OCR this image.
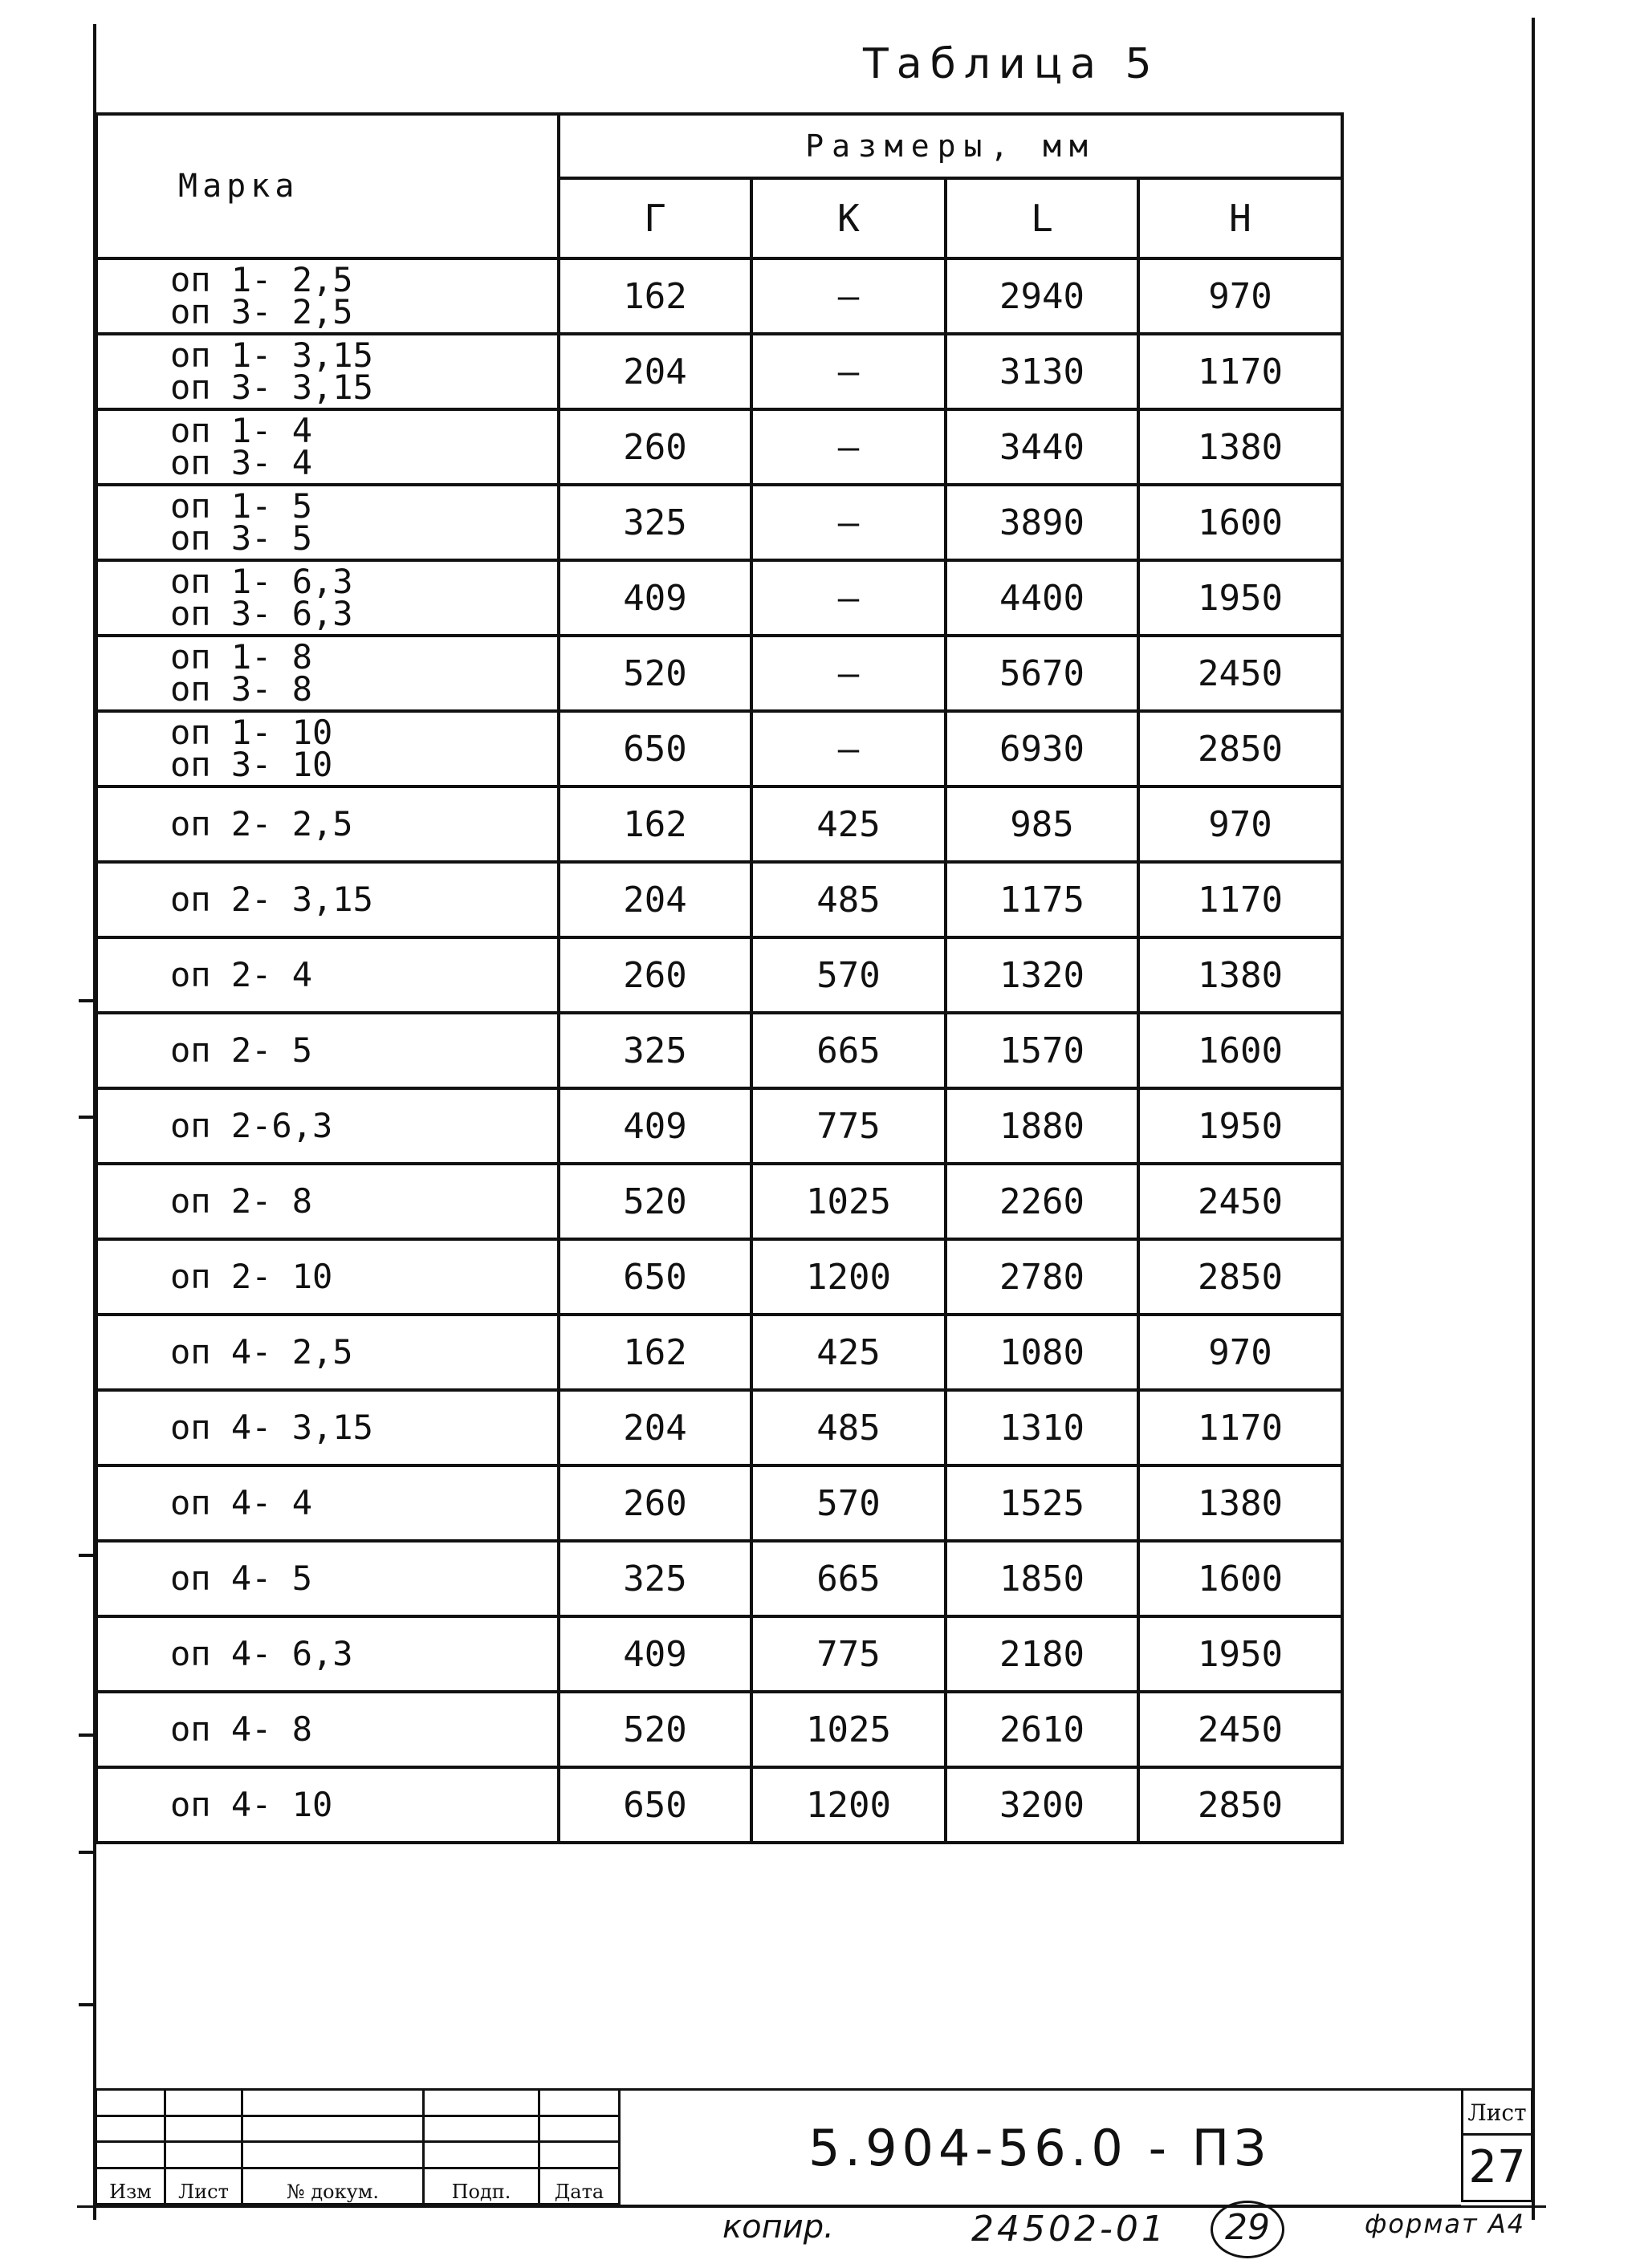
Таблица 5
Марка	Размеры, мм			
	Г	К	L	Н

оп 1- 2,5
оп 3- 2,5	162	—	2940	970

оп 1- 3,15
оп 3- 3,15	204	—	3130	1170

оп 1- 4
оп 3- 4	260	—	3440	1380

оп 1- 5
оп 3- 5	325	—	3890	1600

оп 1- 6,3
оп 3- 6,3	409	—	4400	1950

оп 1- 8
оп 3- 8	520	—	5670	2450

оп 1- 10
оп 3- 10	650	—	6930	2850

оп 2- 2,5	162	425	985	970

оп 2- 3,15	204	485	1175	1170

оп 2- 4	260	570	1320	1380

оп 2- 5	325	665	1570	1600

оп 2-6,3	409	775	1880	1950

оп 2- 8	520	1025	2260	2450

оп 2- 10	650	1200	2780	2850

оп 4- 2,5	162	425	1080	970

оп 4- 3,15	204	485	1310	1170

оп 4- 4	260	570	1525	1380

оп 4- 5	325	665	1850	1600

оп 4- 6,3	409	775	2180	1950

оп 4- 8	520	1025	2610	2450

оп 4- 10	650	1200	3200	2850

Изм	Лист	№ докум.	Подп.	Дата
5.904-56.0 - ПЗ
Лист
27
копир.	24502-01	29	формат А4
